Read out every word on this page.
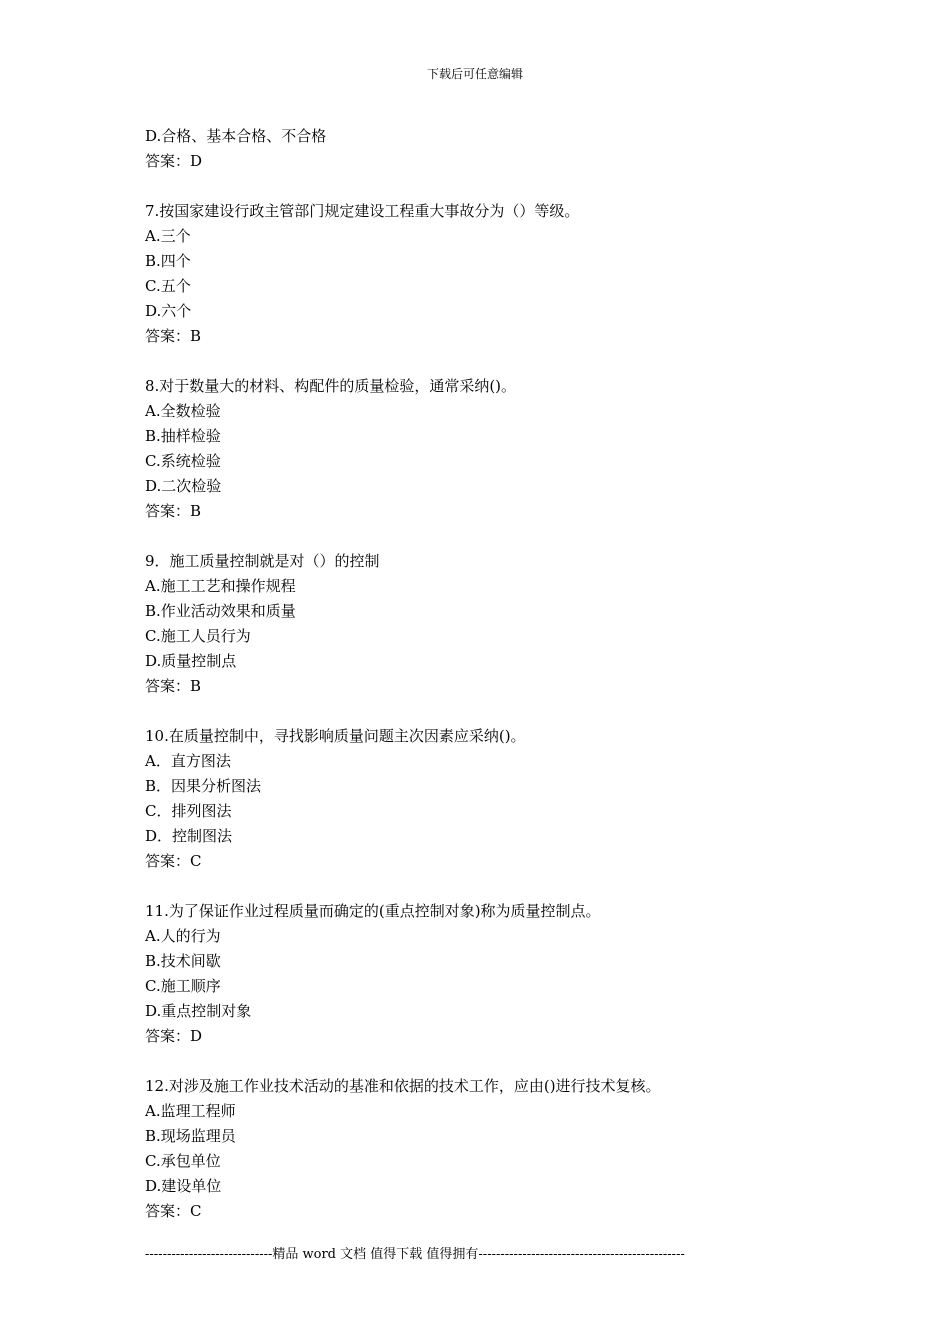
下载后可任意编辑
D.合格、基本合格、不合格
答案：D
7.按国家建设行政主管部门规定建设工程重大事故分为（）等级。
A.三个
B.四个
C.五个
D.六个
答案：B
8.对于数量大的材料、构配件的质量检验，通常采纳()。
A.全数检验
B.抽样检验
C.系统检验
D.二次检验
答案：B
9．施工质量控制就是对（）的控制
A.施工工艺和操作规程
B.作业活动效果和质量
C.施工人员行为
D.质量控制点
答案：B
10.在质量控制中，寻找影响质量问题主次因素应采纳()。
A．直方图法
B．因果分析图法
C．排列图法
D．控制图法
答案：C
11.为了保证作业过程质量而确定的(重点控制对象)称为质量控制点。
A.人的行为
B.技术间歇
C.施工顺序
D.重点控制对象
答案：D
12.对涉及施工作业技术活动的基准和依据的技术工作，应由()进行技术复核。
A.监理工程师
B.现场监理员
C.承包单位
D.建设单位
答案：C
-----------------------------精品 word 文档 值得下载 值得拥有-----------------------------------------------
